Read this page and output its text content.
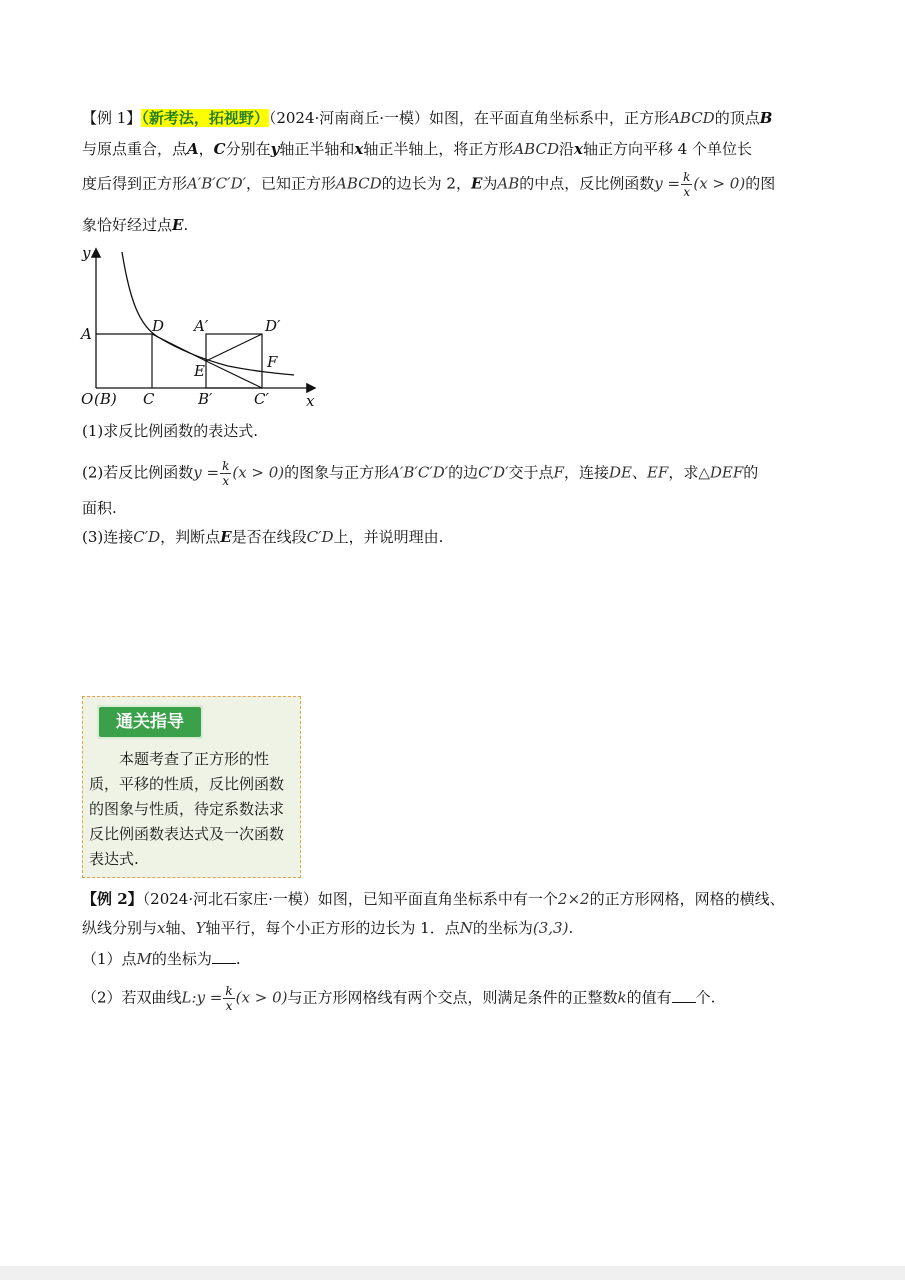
【例 1】（新考法，拓视野）（2024·河南商丘·一模）如图，在平面直角坐标系中，正方形ABCD的顶点B
与原点重合，点A，C分别在y轴正半轴和x轴正半轴上，将正方形ABCD沿x轴正方向平移 4 个单位长
度后得到正方形A′B′C′D′，已知正方形ABCD的边长为 2，E为AB的中点，反比例函数$y = \frac{k}{x} (x > 0)$的图
象恰好经过点E.
y
x
O (B)
A
C
D A′	D′
E	F
B′	C′
(1)求反比例函数的表达式.
(2)若反比例函数$y = \frac{k}{x} (x > 0)$的图象与正方形A′B′C′D′的边C′D′交于点F，连接DE、EF，求△DEF的
面积.
(3)连接C′D，判断点E是否在线段C′D上，并说明理由.
通关指导
　　本题考查了正方形的性质，平移的性质，反比例函数的图象与性质，待定系数法求反比例函数表达式及一次函数表达式.
【例 2】（2024·河北石家庄·一模）如图，已知平面直角坐标系中有一个2×2的正方形网格，网格的横线、
纵线分别与x轴、Y轴平行，每个小正方形的边长为 1．点N的坐标为(3,3).
（1）点M的坐标为 .
（2）若双曲线L:y = $\frac{k}{x} (x > 0)$与正方形网格线有两个交点，则满足条件的正整数k的值有 个.
